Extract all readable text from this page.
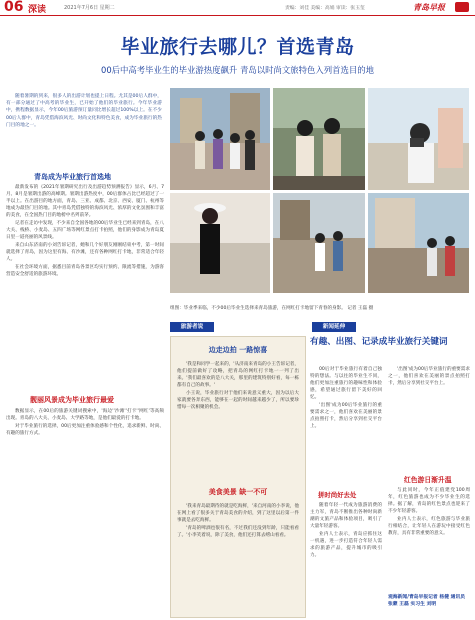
06 深读	2021年7月6日 星期二	责编：刘佳 美编：高娟 审读：张玉玺	青岛早报
毕业旅行去哪儿？首选青岛
00后中高考毕业生的毕业游热度飙升 青岛以时尚文旅特色入列首选目的地

随着暑期的到来，很多人的出游计划也提上日程。尤其是00后人群中，有一部分通过了中高考的毕业生，已开始了他们的毕业旅行。今年毕业游中，携程数据显示，今年00后旅游预订量同比增长超过100%以上。在不少00后人群中，青岛凭借海滨风光、时尚文化和特色美食，成为毕业旅行的热门目的地之一。

组图：毕业季来临，不少00后毕业生选择来青岛旅游，在网红打卡地留下青春的身影。 记者 王磊 摄
青岛成为毕业旅行首选地

最新发布的《2021年暑期研究出行及出游趋势预测报告》显示，6月、7月、8月是暑期出游的高峰期。暑期出游热度中，00后群体占比已经超过了一半以上。在出游目的地方面，青岛、三亚、成都、北京、西安、厦门、杭州等地成为最热门目的地。其中青岛凭借独特的海滨风光、浓厚的文化氛围和丰富的美食，在全国热门目的地榜中名列前茅。

记者在走访中发现，不少来自全国各地的00后毕业生已经来到青岛，在八大关、栈桥、小麦岛、五四广场等网红景点打卡拍照，他们的身影成为青岛夏日里一道亮丽的风景线。

来自山东济南的小刘告诉记者，她和几个好朋友刚刚结束中考，第一时间就选择了青岛，因为这里有海、有沙滩，还有各种网红打卡地，非常适合年轻人。

在社会环境方面，据悉目前青岛各景区均实行预约、限流等措施，为游客营造安全舒适的旅游环境。

靓丽风景成为毕业旅行最爱

数据显示，在00后的旅游关键词搜索中，'海边''沙滩''打卡''网红'等高频出现。青岛的八大关、小麦岛、大学路等地，是他们最爱的打卡地。

对于毕业旅行的选择，00后更加注重体验感和个性化，追求新鲜、时尚、有趣的旅行方式。

旅游者说	新闻延伸
边走边拍 一路惊喜

'我是和同学一起来的，'从济南来青岛的小王告诉记者，他们提前做好了攻略，把青岛的网红打卡地一一列了出来。'我们最喜欢的是八大关，那里的建筑特别好看，每一栋都有自己的故事。'

小王说，毕业旅行对于他们来说意义重大，因为以后大家就要各奔东西，能够在一起的时间越来越少了，所以要珍惜每一次相聚的机会。

美食美景 缺一不可

'我来青岛最期待的就是吃海鲜，'来自河南的小李说，他在网上看了很多关于青岛美食的介绍，到了这里以后第一件事就是去吃海鲜。

'青岛的啤酒也很有名，不过我们还没到年龄，只能看看了。'小李笑着说，除了美食，他们还打算去崂山看看。

有趣、出图、记录成毕业旅行关键词

00后对于毕业旅行有着自己独特的想法。与以往的毕业生不同，他们更加注重旅行的趣味性和体验感，希望通过旅行留下美好的回忆。

'出图'成为00后毕业旅行的重要需求之一，他们喜欢在美丽的景点拍照打卡，然后分享到社交平台上。

拼时尚好去处

随着年轻一代成为旅游消费的主力军，青岛不断推出各种时尚新潮的文旅产品和体验项目，吸引了大量年轻游客。

业内人士表示，青岛应抓住这一机遇，进一步打造符合年轻人需求的旅游产品，提升城市的吸引力。

'出图'成为00后毕业旅行的重要需求之一，他们喜欢在美丽的景点拍照打卡，然后分享到社交平台上。

红色游日渐升温

与此同时，今年正值建党100周年，红色旅游也成为不少毕业生的选择。据了解，青岛的红色景点也迎来了不少年轻游客。

业内人士表示，红色旅游与毕业旅行相结合，让年轻人在游玩中接受红色教育，具有非常重要的意义。

观海新闻/青岛早报记者 杨健 通讯员 张蒙 王磊 实习生 刘明
